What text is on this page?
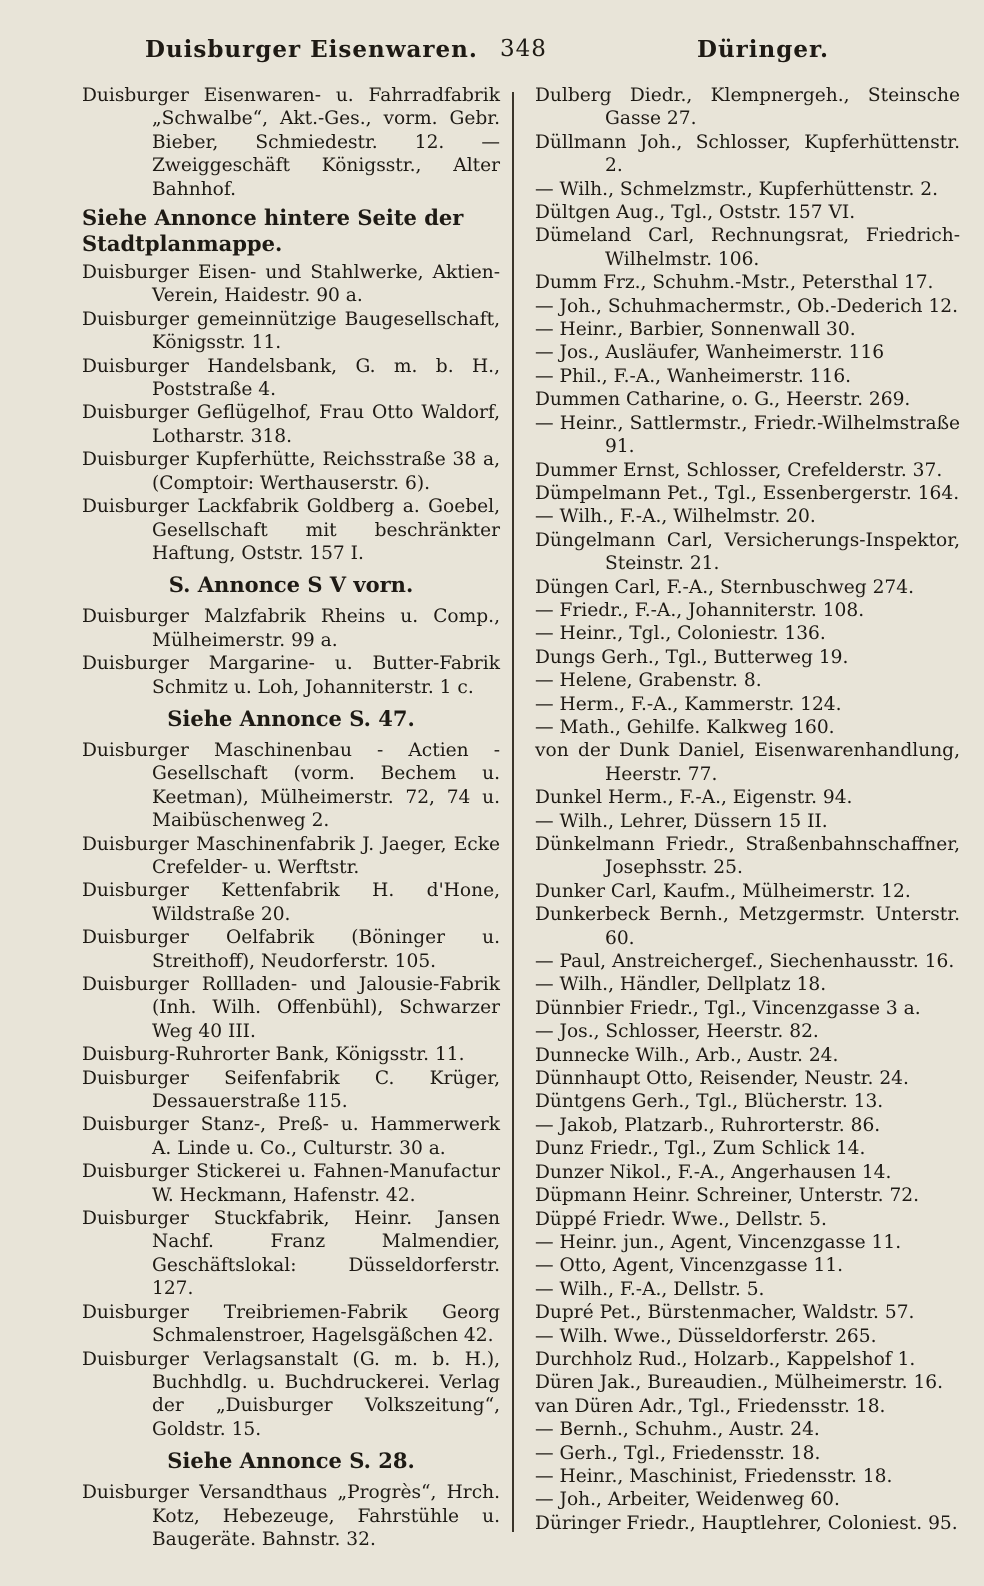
Duisburger Eisenwaren. 348	Düringer.
Duisburger Eisenwaren- u. Fahrradfabrik „Schwalbe“, Akt.-Ges., vorm. Gebr. Bieber, Schmiedestr. 12. — Zweiggeschäft Königsstr., Alter Bahnhof.
Siehe Annonce hintere Seite der Stadtplanmappe.
Duisburger Eisen- und Stahlwerke, Aktien-Verein, Haidestr. 90 a.
Duisburger gemeinnützige Baugesellschaft, Königsstr. 11.
Duisburger Handelsbank, G. m. b. H., Poststraße 4.
Duisburger Geflügelhof, Frau Otto Waldorf, Lotharstr. 318.
Duisburger Kupferhütte, Reichsstraße 38 a, (Comptoir: Werthauserstr. 6).
Duisburger Lackfabrik Goldberg a. Goebel, Gesellschaft mit beschränkter Haftung, Oststr. 157 I.
S. Annonce S V vorn.
Duisburger Malzfabrik Rheins u. Comp., Mülheimerstr. 99 a.
Duisburger Margarine- u. Butter-Fabrik Schmitz u. Loh, Johanniterstr. 1 c.
Siehe Annonce S. 47.
Duisburger Maschinenbau - Actien - Gesellschaft (vorm. Bechem u. Keetman), Mülheimerstr. 72, 74 u. Maibüschenweg 2.
Duisburger Maschinenfabrik J. Jaeger, Ecke Crefelder- u. Werftstr.
Duisburger Kettenfabrik H. d'Hone, Wildstraße 20.
Duisburger Oelfabrik (Böninger u. Streithoff), Neudorferstr. 105.
Duisburger Rollladen- und Jalousie-Fabrik (Inh. Wilh. Offenbühl), Schwarzer Weg 40 III.
Duisburg-Ruhrorter Bank, Königsstr. 11.
Duisburger Seifenfabrik C. Krüger, Dessauerstraße 115.
Duisburger Stanz-, Preß- u. Hammerwerk A. Linde u. Co., Culturstr. 30 a.
Duisburger Stickerei u. Fahnen-Manufactur W. Heckmann, Hafenstr. 42.
Duisburger Stuckfabrik, Heinr. Jansen Nachf. Franz Malmendier, Geschäftslokal: Düsseldorferstr. 127.
Duisburger Treibriemen-Fabrik Georg Schmalenstroer, Hagelsgäßchen 42.
Duisburger Verlagsanstalt (G. m. b. H.), Buchhdlg. u. Buchdruckerei. Verlag der „Duisburger Volkszeitung“, Goldstr. 15.
Siehe Annonce S. 28.
Duisburger Versandthaus „Progrès“, Hrch. Kotz, Hebezeuge, Fahrstühle u. Baugeräte. Bahnstr. 32.
Dulberg Diedr., Klempnergeh., Steinsche Gasse 27.
Düllmann Joh., Schlosser, Kupferhüttenstr. 2.
— Wilh., Schmelzmstr., Kupferhüttenstr. 2.
Dültgen Aug., Tgl., Oststr. 157 VI.
Dümeland Carl, Rechnungsrat, Friedrich-Wilhelmstr. 106.
Dumm Frz., Schuhm.-Mstr., Petersthal 17.
— Joh., Schuhmachermstr., Ob.-Dederich 12.
— Heinr., Barbier, Sonnenwall 30.
— Jos., Ausläufer, Wanheimerstr. 116
— Phil., F.-A., Wanheimerstr. 116.
Dummen Catharine, o. G., Heerstr. 269.
— Heinr., Sattlermstr., Friedr.-Wilhelmstraße 91.
Dummer Ernst, Schlosser, Crefelderstr. 37.
Dümpelmann Pet., Tgl., Essenbergerstr. 164.
— Wilh., F.-A., Wilhelmstr. 20.
Düngelmann Carl, Versicherungs-Inspektor, Steinstr. 21.
Düngen Carl, F.-A., Sternbuschweg 274.
— Friedr., F.-A., Johanniterstr. 108.
— Heinr., Tgl., Coloniestr. 136.
Dungs Gerh., Tgl., Butterweg 19.
— Helene, Grabenstr. 8.
— Herm., F.-A., Kammerstr. 124.
— Math., Gehilfe. Kalkweg 160.
von der Dunk Daniel, Eisenwarenhandlung, Heerstr. 77.
Dunkel Herm., F.-A., Eigenstr. 94.
— Wilh., Lehrer, Düssern 15 II.
Dünkelmann Friedr., Straßenbahnschaffner, Josephsstr. 25.
Dunker Carl, Kaufm., Mülheimerstr. 12.
Dunkerbeck Bernh., Metzgermstr. Unterstr. 60.
— Paul, Anstreichergef., Siechenhausstr. 16.
— Wilh., Händler, Dellplatz 18.
Dünnbier Friedr., Tgl., Vincenzgasse 3 a.
— Jos., Schlosser, Heerstr. 82.
Dunnecke Wilh., Arb., Austr. 24.
Dünnhaupt Otto, Reisender, Neustr. 24.
Düntgens Gerh., Tgl., Blücherstr. 13.
— Jakob, Platzarb., Ruhrorterstr. 86.
Dunz Friedr., Tgl., Zum Schlick 14.
Dunzer Nikol., F.-A., Angerhausen 14.
Düpmann Heinr. Schreiner, Unterstr. 72.
Düppé Friedr. Wwe., Dellstr. 5.
— Heinr. jun., Agent, Vincenzgasse 11.
— Otto, Agent, Vincenzgasse 11.
— Wilh., F.-A., Dellstr. 5.
Dupré Pet., Bürstenmacher, Waldstr. 57.
— Wilh. Wwe., Düsseldorferstr. 265.
Durchholz Rud., Holzarb., Kappelshof 1.
Düren Jak., Bureaudien., Mülheimerstr. 16.
van Düren Adr., Tgl., Friedensstr. 18.
— Bernh., Schuhm., Austr. 24.
— Gerh., Tgl., Friedensstr. 18.
— Heinr., Maschinist, Friedensstr. 18.
— Joh., Arbeiter, Weidenweg 60.
Düringer Friedr., Hauptlehrer, Coloniest. 95.
